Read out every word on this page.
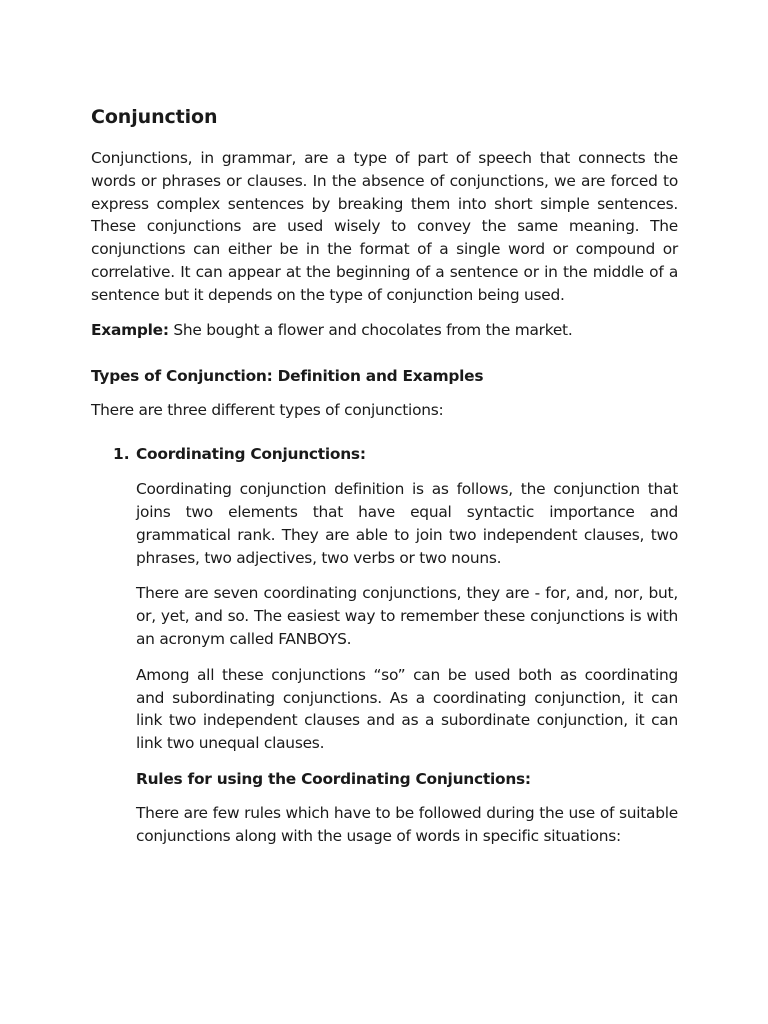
Conjunction

Conjunctions, in grammar, are a type of part of speech that connects the words or phrases or clauses. In the absence of conjunctions, we are forced to express complex sentences by breaking them into short simple sentences. These conjunctions are used wisely to convey the same meaning. The conjunctions can either be in the format of a single word or compound or correlative. It can appear at the beginning of a sentence or in the middle of a sentence but it depends on the type of conjunction being used.

Example: She bought a flower and chocolates from the market.

Types of Conjunction: Definition and Examples

There are three different types of conjunctions:

1. Coordinating Conjunctions:

Coordinating conjunction definition is as follows, the conjunction that joins two elements that have equal syntactic importance and grammatical rank. They are able to join two independent clauses, two phrases, two adjectives, two verbs or two nouns.

There are seven coordinating conjunctions, they are - for, and, nor, but, or, yet, and so. The easiest way to remember these conjunctions is with an acronym called FANBOYS.

Among all these conjunctions “so” can be used both as coordinating and subordinating conjunctions. As a coordinating conjunction, it can link two independent clauses and as a subordinate conjunction, it can link two unequal clauses.

Rules for using the Coordinating Conjunctions:

There are few rules which have to be followed during the use of suitable conjunctions along with the usage of words in specific situations:
